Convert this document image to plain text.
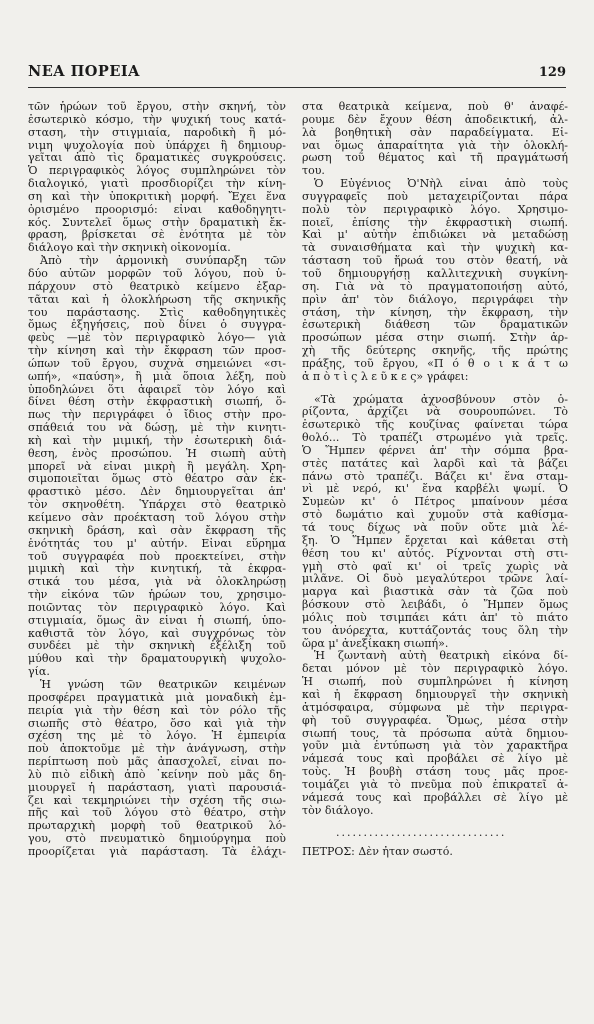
ΝΕΑ ΠΟΡΕΙΑ	129
τῶν ἡρώων τοῦ ἔργου, στὴν σκηνή, τὸν
ἐσωτερικὸ κόσμο, τὴν ψυχική τους κατά-
σταση, τὴν στιγμιαία, παροδικὴ ἢ μό-
νιμη ψυχολογία ποὺ ὑπάρχει ἢ δημιουρ-
γεῖται ἀπὸ τὶς δραματικὲς συγκρούσεις.
Ὁ περιγραφικὸς λόγος συμπληρώνει τὸν
διαλογικό, γιατὶ προσδιορίζει τὴν κίνη-
ση καὶ τὴν ὑποκριτικὴ μορφή. Ἔχει ἕνα
ὁρισμένο προορισμό: εἶναι καθοδηγητι-
κός. Συντελεῖ ὅμως στὴν δραματικὴ ἔκ-
φραση, βρίσκεται σὲ ἑνότητα μὲ τὸν
διάλογο καὶ τὴν σκηνικὴ οἰκονομία.
Ἀπὸ τὴν ἁρμονικὴ συνύπαρξη τῶν
δύο αὐτῶν μορφῶν τοῦ λόγου, ποὺ ὑ-
πάρχουν στὸ θεατρικὸ κείμενο ἐξαρ-
τᾶται καὶ ἡ ὁλοκλήρωση τῆς σκηνικῆς
του παράστασης. Στὶς καθοδηγητικὲς
ὅμως ἐξηγήσεις, ποὺ δίνει ὁ συγγρα-
φεὺς —μὲ τὸν περιγραφικὸ λόγο— γιὰ
τὴν κίνηση καὶ τὴν ἔκφραση τῶν προσ-
ώπων τοῦ ἔργου, συχνὰ σημειώνει «σι-
ωπή», «παύση», ἢ μιὰ ὅποια λέξη, ποὺ
ὑποδηλώνει ὅτι ἀφαιρεῖ τὸν λόγο καὶ
δίνει θέση στὴν ἐκφραστικὴ σιωπή, ὅ-
πως τὴν περιγράφει ὁ ἴδιος στὴν προ-
σπάθειά του νὰ δώσῃ, μὲ τὴν κινητι-
κὴ καὶ τὴν μιμική, τὴν ἐσωτερικὴ διά-
θεση, ἑνὸς προσώπου. Ἡ σιωπὴ αὐτὴ
μπορεῖ νὰ εἶναι μικρὴ ἢ μεγάλη. Χρη-
σιμοποιεῖται ὅμως στὸ θέατρο σὰν ἐκ-
φραστικὸ μέσο. Δὲν δημιουργεῖται ἀπ'
τὸν σκηνοθέτη. Ὑπάρχει στὸ θεατρικὸ
κείμενο σὰν προέκταση τοῦ λόγου στὴν
σκηνικὴ δράση, καὶ σὰν ἔκφραση τῆς
ἑνότητάς του μ' αὐτήν. Εἶναι εὕρημα
τοῦ συγγραφέα ποὺ προεκτείνει, στὴν
μιμικὴ καὶ τὴν κινητική, τὰ ἐκφρα-
στικά του μέσα, γιὰ νὰ ὁλοκληρώσῃ
τὴν εἰκόνα τῶν ἡρώων του, χρησιμο-
ποιῶντας τὸν περιγραφικὸ λόγο. Καὶ
στιγμιαία, ὅμως ἂν εἶναι ἡ σιωπή, ὑπο-
καθιστᾶ τὸν λόγο, καὶ συγχρόνως τὸν
συνδέει μὲ τὴν σκηνικὴ ἐξέλιξη τοῦ
μύθου καὶ τὴν δραματουργικὴ ψυχολο-
γία.
Ἡ γνώση τῶν θεατρικῶν κειμένων
προσφέρει πραγματικὰ μιὰ μοναδικὴ ἐμ-
πειρία γιὰ τὴν θέση καὶ τὸν ρόλο τῆς
σιωπῆς στὸ θέατρο, ὅσο καὶ γιὰ τὴν
σχέση της μὲ τὸ λόγο. Ἡ ἐμπειρία
ποὺ ἀποκτοῦμε μὲ τὴν ἀνάγνωση, στὴν
περίπτωση ποὺ μᾶς ἀπασχολεῖ, εἶναι πο-
λὺ πιὸ εἰδικὴ ἀπὸ ᾽κείνην ποὺ μᾶς δη-
μιουργεῖ ἡ παράσταση, γιατὶ παρουσιά-
ζει καὶ τεκμηριώνει τὴν σχέση τῆς σιω-
πῆς καὶ τοῦ λόγου στὸ θέατρο, στὴν
πρωταρχικὴ μορφὴ τοῦ θεατρικοῦ λό-
γου, στὸ πνευματικὸ δημιούργημα ποὺ
προορίζεται γιὰ παράσταση. Τὰ ἐλάχι-
στα θεατρικὰ κείμενα, ποὺ θ' ἀναφέ-
ρουμε δὲν ἔχουν θέση ἀποδεικτική, ἀλ-
λὰ βοηθητικὴ σὰν παραδείγματα. Εἶ-
ναι ὅμως ἀπαραίτητα γιὰ τὴν ὁλοκλή-
ρωση τοῦ θέματος καὶ τῆ πραγμάτωσή
του.
Ὁ Εὐγένιος Ὀ'Νὴλ εἶναι ἀπὸ τοὺς
συγγραφεῖς ποὺ μεταχειρίζονται πάρα
πολὺ τὸν περιγραφικὸ λόγο. Χρησιμο-
ποιεῖ, ἐπίσης τὴν ἐκφραστικὴ σιωπή.
Καὶ μ' αὐτὴν ἐπιδιώκει νὰ μεταδώσῃ
τὰ συναισθήματα καὶ τὴν ψυχικὴ κα-
τάσταση τοῦ ἥρωά του στὸν θεατή, νὰ
τοῦ δημιουργήσῃ καλλιτεχνικὴ συγκίνη-
ση. Γιὰ νὰ τὸ πραγματοποιήσῃ αὐτό,
πρὶν ἀπ' τὸν διάλογο, περιγράφει τὴν
στάση, τὴν κίνηση, τὴν ἔκφραση, τὴν
ἐσωτερικὴ διάθεση τῶν δραματικῶν
προσώπων μέσα στην σιωπή. Στὴν ἀρ-
χὴ τῆς δεύτερης σκηνῆς, τῆς πρώτης
πράξης, τοῦ ἔργου, «Π ό θ ο ι κ ά τ ω
ἀ π ὸ τ ὶ ς λ ε ῦ κ ε ς» γράφει:
«Τὰ χρώματα ἀχνοσβύνουν στὸν ὁ-
ρίζοντα, ἀρχίζει νὰ σουρουπώνει. Τὸ
ἐσωτερικὸ τῆς κουζίνας φαίνεται τώρα
θολό... Τὸ τραπέζι στρωμένο γιὰ τρεῖς.
Ὁ Ἥμπεν φέρνει ἀπ' τὴν σόμπα βρα-
στὲς πατάτες καὶ λαρδὶ καὶ τὰ βάζει
πάνω στὸ τραπέζι. Βάζει κι' ἕνα σταμ-
νὶ μὲ νερό, κι' ἕνα καρβέλι ψωμί. Ὁ
Συμεὼν κι' ὁ Πέτρος μπαίνουν μέσα
στὸ δωμάτιο καὶ χυμοῦν στὰ καθίσμα-
τά τους δίχως νὰ ποῦν οὔτε μιὰ λέ-
ξη. Ὁ Ἥμπεν ἔρχεται καὶ κάθεται στὴ
θέση του κι' αὐτός. Ρίχνονται στὴ στι-
γμὴ στὸ φαΐ κι' οἱ τρεῖς χωρὶς νὰ
μιλᾶνε. Οἱ δυὸ μεγαλύτεροι τρῶνε λαί-
μαργα καὶ βιαστικὰ σὰν τὰ ζῶα ποὺ
βόσκουν στὸ λειβάδι, ὁ Ἥμπεν ὅμως
μόλις ποὺ τσιμπάει κάτι ἀπ' τὸ πιάτο
του ἀνόρεχτα, κυττάζοντάς τους ὅλη τὴν
ὥρα μ' ἀνεξίκακη σιωπή».
Ἡ ζωντανὴ αὐτὴ θεατρικὴ εἰκόνα δί-
δεται μόνον μὲ τὸν περιγραφικὸ λόγο.
Ἡ σιωπή, ποὺ συμπληρώνει ἡ κίνηση
καὶ ἡ ἔκφραση δημιουργεῖ τὴν σκηνικὴ
ἀτμόσφαιρα, σύμφωνα μὲ τὴν περιγρα-
φὴ τοῦ συγγραφέα. Ὅμως, μέσα στὴν
σιωπή τους, τὰ πρόσωπα αὐτὰ δημιου-
γοῦν μιὰ ἐντύπωση γιὰ τὸν χαρακτῆρα
νάμεσά τους καὶ προβάλει σὲ λίγο μὲ
τοὺς. Ἡ βουβὴ στάση τους μᾶς προε-
τοιμάζει γιὰ τὸ πνεῦμα ποὺ ἐπικρατεῖ ἀ-
νάμεσά τους καὶ προβάλλει σὲ λίγο μὲ
τὸν διάλογο.
...............................
ΠΕΤΡΟΣ: Δὲν ἦταν σωστό.
